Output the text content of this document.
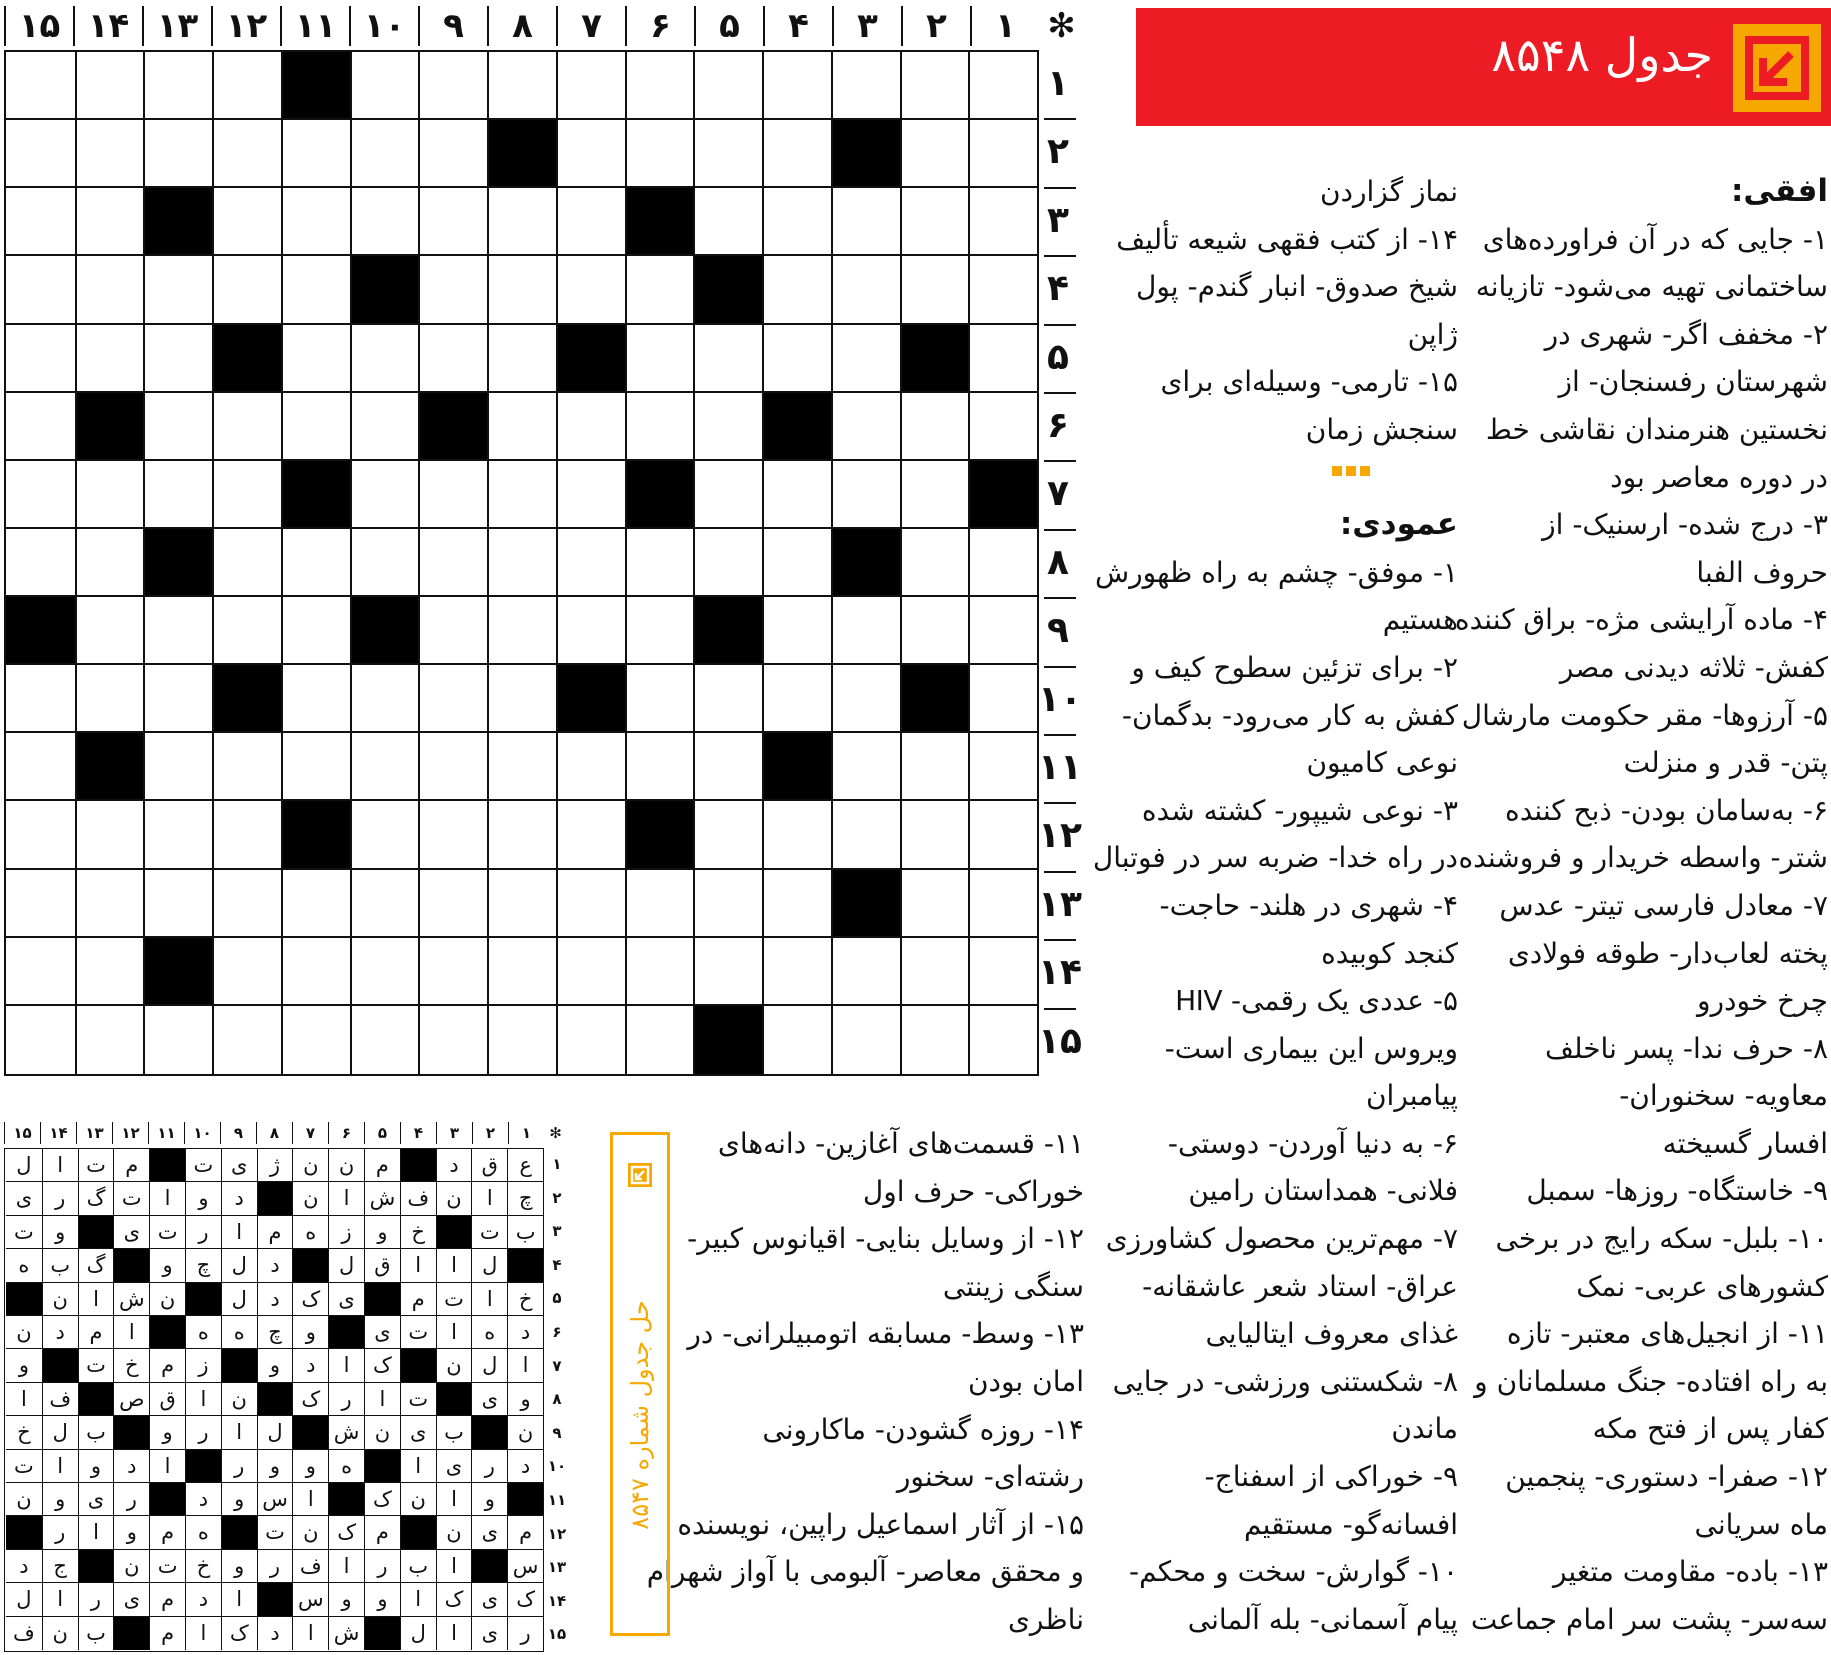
✻
۱
۲
۳
۴
۵
۶
۷
۸
۹
۱۰
۱۱
۱۲
۱۳
۱۴
۱۵
۱
۲
۳
۴
۵
۶
۷
۸
۹
۱۰
۱۱
۱۲
۱۳
۱۴
۱۵
جدول ۸۵۴۸
افقی:
۱- جایی که در آن فراورده‌های
ساختمانی تهیه می‌شود- تازیانه
۲- مخفف اگر- شهری در
شهرستان رفسنجان- از
نخستین هنرمندان نقاشی خط
در دوره معاصر بود
۳- درج شده- ارسنیک- از
حروف الفبا
۴- ماده آرایشی مژه- براق کننده
کفش- ثلاثه دیدنی مصر
۵- آرزوها- مقر حکومت مارشال
پتن- قدر و منزلت
۶- به‌سامان بودن- ذبح کننده
شتر- واسطه خریدار و فروشنده
۷- معادل فارسی تیتر- عدس
پخته لعاب‌دار- طوقه فولادی
چرخ خودرو
۸- حرف ندا- پسر ناخلف
معاویه- سخنوران-
افسار گسیخته
۹- خاستگاه- روزها- سمبل
۱۰- بلبل- سکه رایج در برخی
کشورهای عربی- نمک
۱۱- از انجیل‌های معتبر- تازه
به راه افتاده- جنگ مسلمانان و
کفار پس از فتح مکه
۱۲- صفرا- دستوری- پنجمین
ماه سریانی
۱۳- باده- مقاومت متغیر
سه‌سر- پشت سر امام جماعت
نماز گزاردن
۱۴- از کتب فقهی شیعه تألیف
شیخ صدوق- انبار گندم- پول
ژاپن
۱۵- تارمی- وسیله‌ای برای
سنجش زمان
عمودی:
۱- موفق- چشم به راه ظهورش
هستیم
۲- برای تزئین سطوح کیف و
کفش به کار می‌رود- بدگمان-
نوعی کامیون
۳- نوعی شیپور- کشته شده
در راه خدا- ضربه سر در فوتبال
۴- شهری در هلند- حاجت-
کنجد کوبیده
۵- عددی یک رقمی- HIV
ویروس این بیماری است-
پیامبران
۶- به دنیا آوردن- دوستی-
فلانی- همداستان رامین
۷- مهم‌ترین محصول کشاورزی
عراق- استاد شعر عاشقانه-
غذای معروف ایتالیایی
۸- شکستنی ورزشی- در جایی
ماندن
۹- خوراکی از اسفناج-
افسانه‌گو- مستقیم
۱۰- گوارش- سخت و محکم-
پیام آسمانی- بله آلمانی
۱۱- قسمت‌های آغازین- دانه‌های
خوراکی- حرف اول
۱۲- از وسایل بنایی- اقیانوس کبیر-
سنگی زینتی
۱۳- وسط- مسابقه اتومبیلرانی- در
امان بودن
۱۴- روزه گشودن- ماکارونی
رشته‌ای- سخنور
۱۵- از آثار اسماعیل راپین، نویسنده
و محقق معاصر- آلبومی با آواز شهرام
ناظری
حل جدول شماره ۸۵۴۷
✻
۱
۲
۳
۴
۵
۶
۷
۸
۹
۱۰
۱۱
۱۲
۱۳
۱۴
۱۵
ع
ق
د
م
ن
ن
ژ
ی
ت
م
ت
ا
ل
چ
ا
ن
ف
ش
ا
ن
د
و
ا
ت
گ
ر
ی
ب
ت
خ
و
ز
ه
م
ا
ر
ت
ی
و
ت
ل
ا
ا
ق
ل
د
ل
چ
و
گ
ب
ه
خ
ا
ت
م
ی
ک
د
ل
ن
ش
ا
ن
د
ه
ا
ت
ی
و
چ
ه
ه
ا
م
د
ن
ا
ل
ن
ک
ا
د
و
ز
م
خ
ت
و
و
ی
ت
ا
ر
ک
ن
ا
ق
ص
ف
ا
ن
ب
ی
ن
ش
ل
ا
ر
و
ب
ل
خ
د
ر
ی
ا
ه
و
و
ر
ا
د
و
ا
ت
و
ا
ن
ک
ا
س
و
د
ر
ی
و
ن
م
ی
ن
م
ک
ن
ت
ه
م
و
ا
ر
س
ا
ب
ر
ا
ف
ر
و
خ
ت
ن
ج
د
ک
ی
ک
ا
و
و
س
ا
د
م
ی
ر
ا
ل
ر
ی
ا
ل
ش
ا
د
ک
ا
م
ب
ن
ف
۱
۲
۳
۴
۵
۶
۷
۸
۹
۱۰
۱۱
۱۲
۱۳
۱۴
۱۵
